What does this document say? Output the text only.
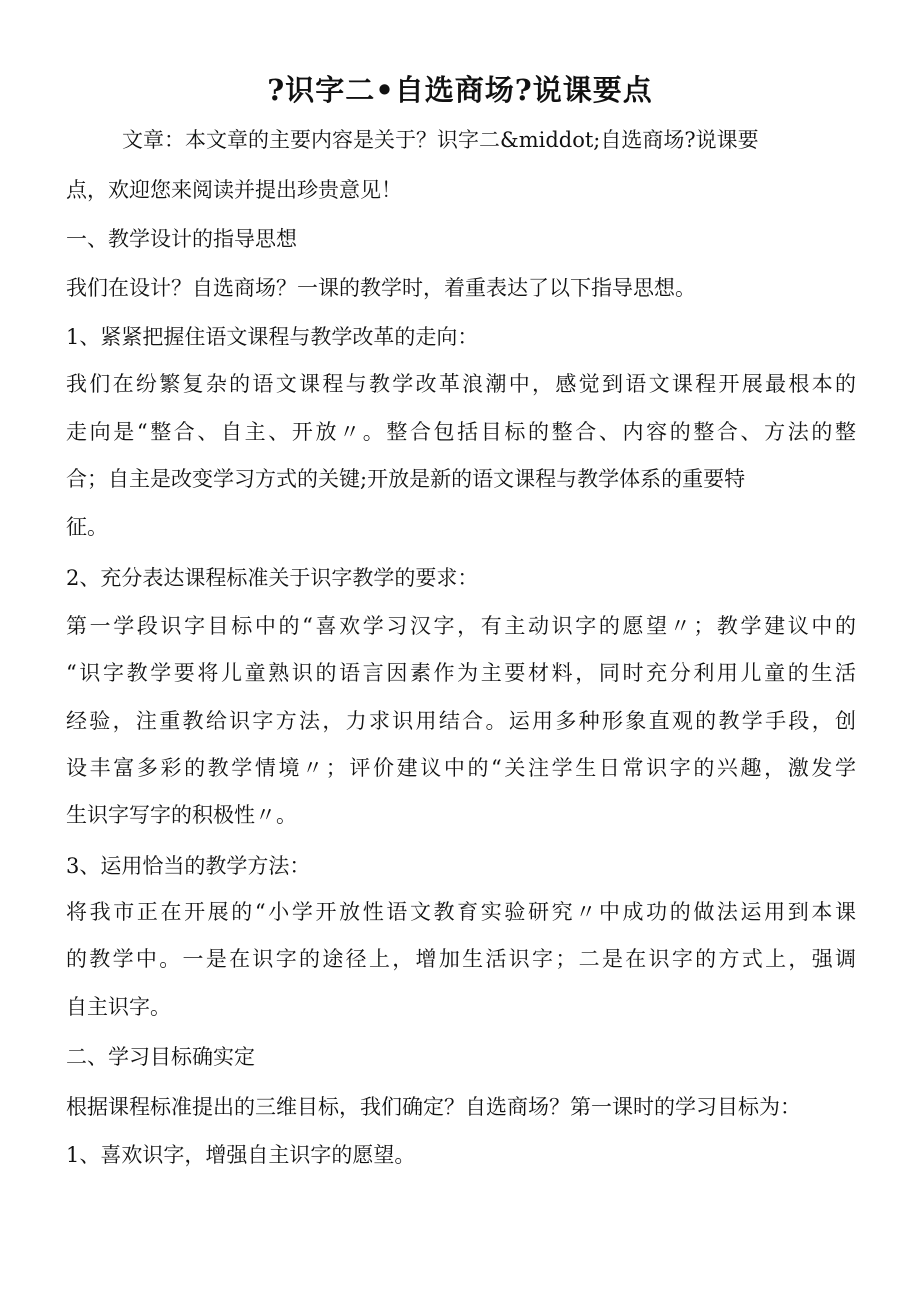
?识字二•自选商场?说课要点
文章：本文章的主要内容是关于？识字二&middot;自选商场?说课要
点，欢迎您来阅读并提出珍贵意见！
一、教学设计的指导思想
我们在设计？自选商场？一课的教学时，着重表达了以下指导思想。
1、紧紧把握住语文课程与教学改革的走向：
我们在纷繁复杂的语文课程与教学改革浪潮中，感觉到语文课程开展最根本的
走向是“整合、自主、开放〃。整合包括目标的整合、内容的整合、方法的整
合；自主是改变学习方式的关键;开放是新的语文课程与教学体系的重要特
征。
2、充分表达课程标准关于识字教学的要求：
第一学段识字目标中的“喜欢学习汉字，有主动识字的愿望〃；教学建议中的
“识字教学要将儿童熟识的语言因素作为主要材料，同时充分利用儿童的生活
经验，注重教给识字方法，力求识用结合。运用多种形象直观的教学手段，创
设丰富多彩的教学情境〃；评价建议中的“关注学生日常识字的兴趣，激发学
生识字写字的积极性〃。
3、运用恰当的教学方法：
将我市正在开展的“小学开放性语文教育实验研究〃中成功的做法运用到本课
的教学中。一是在识字的途径上，增加生活识字；二是在识字的方式上，强调
自主识字。
二、学习目标确实定
根据课程标准提出的三维目标，我们确定？自选商场？第一课时的学习目标为：
1、喜欢识字，增强自主识字的愿望。
